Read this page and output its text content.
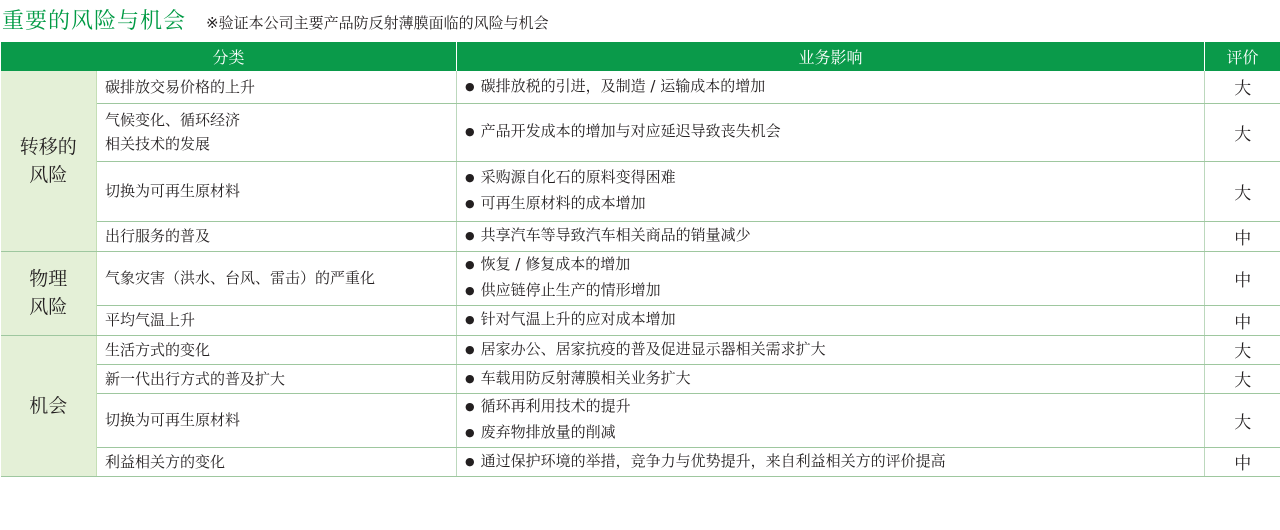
重要的风险与机会 ※验证本公司主要产品防反射薄膜面临的风险与机会
分类		业务影响	评价

转移的
风险	碳排放交易价格的上升	● 碳排放税的引进，及制造 / 运输成本的增加	大

	气候变化、循环经济
相关技术的发展	● 产品开发成本的增加与对应延迟导致丧失机会	大

	切换为可再生原材料	● 采购源自化石的原料变得困难
● 可再生原材料的成本增加	大

	出行服务的普及	● 共享汽车等导致汽车相关商品的销量减少	中

物理
风险	气象灾害（洪水、台风、雷击）的严重化	● 恢复 / 修复成本的增加
● 供应链停止生产的情形增加	中

	平均气温上升	● 针对气温上升的应对成本增加	中

机会	生活方式的变化	● 居家办公、居家抗疫的普及促进显示器相关需求扩大	大

	新一代出行方式的普及扩大	● 车载用防反射薄膜相关业务扩大	大

	切换为可再生原材料	● 循环再利用技术的提升
● 废弃物排放量的削减	大

	利益相关方的变化	● 通过保护环境的举措，竞争力与优势提升，来自利益相关方的评价提高	中
